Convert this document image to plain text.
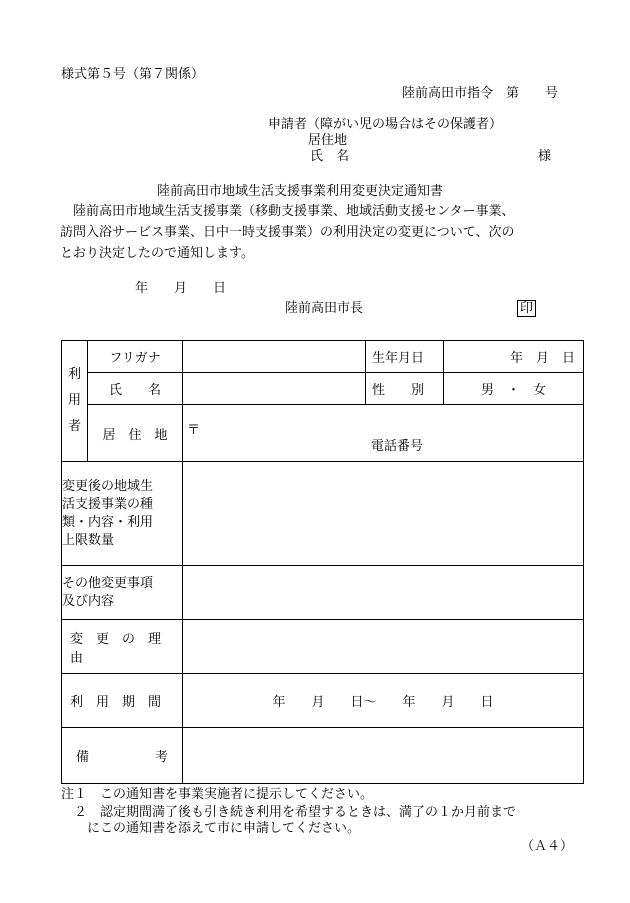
様式第５号（第７関係）
陸前高田市指令　第　　号
申請者（障がい児の場合はその保護者）
居住地
氏　名	様
陸前高田市地域生活支援事業利用変更決定通知書
　陸前高田市地域生活支援事業（移動支援事業、地域活動支援センター事業、
訪問入浴サービス事業、日中一時支援事業）の利用決定の変更について、次の
とおり決定したので通知します。
年　　月　　日
陸前高田市長	印
利
用
者	フリガナ		生年月日	年　月　日
	氏　　名		性　　別	男　・　女
	居　住　地	〒
電話番号		

変更後の地域生
活支援事業の種
類・内容・利用
上限数量				

その他変更事項
及び内容				

変　更　の　理　由				
利　用　期　間		年　　月　　日～　　年　　月　　日		

備 考				

注１　この通知書を事業実施者に提示してください。
　２　認定期間満了後も引き続き利用を希望するときは、満了の１か月前まで
　　にこの通知書を添えて市に申請してください。
（Ａ４）
